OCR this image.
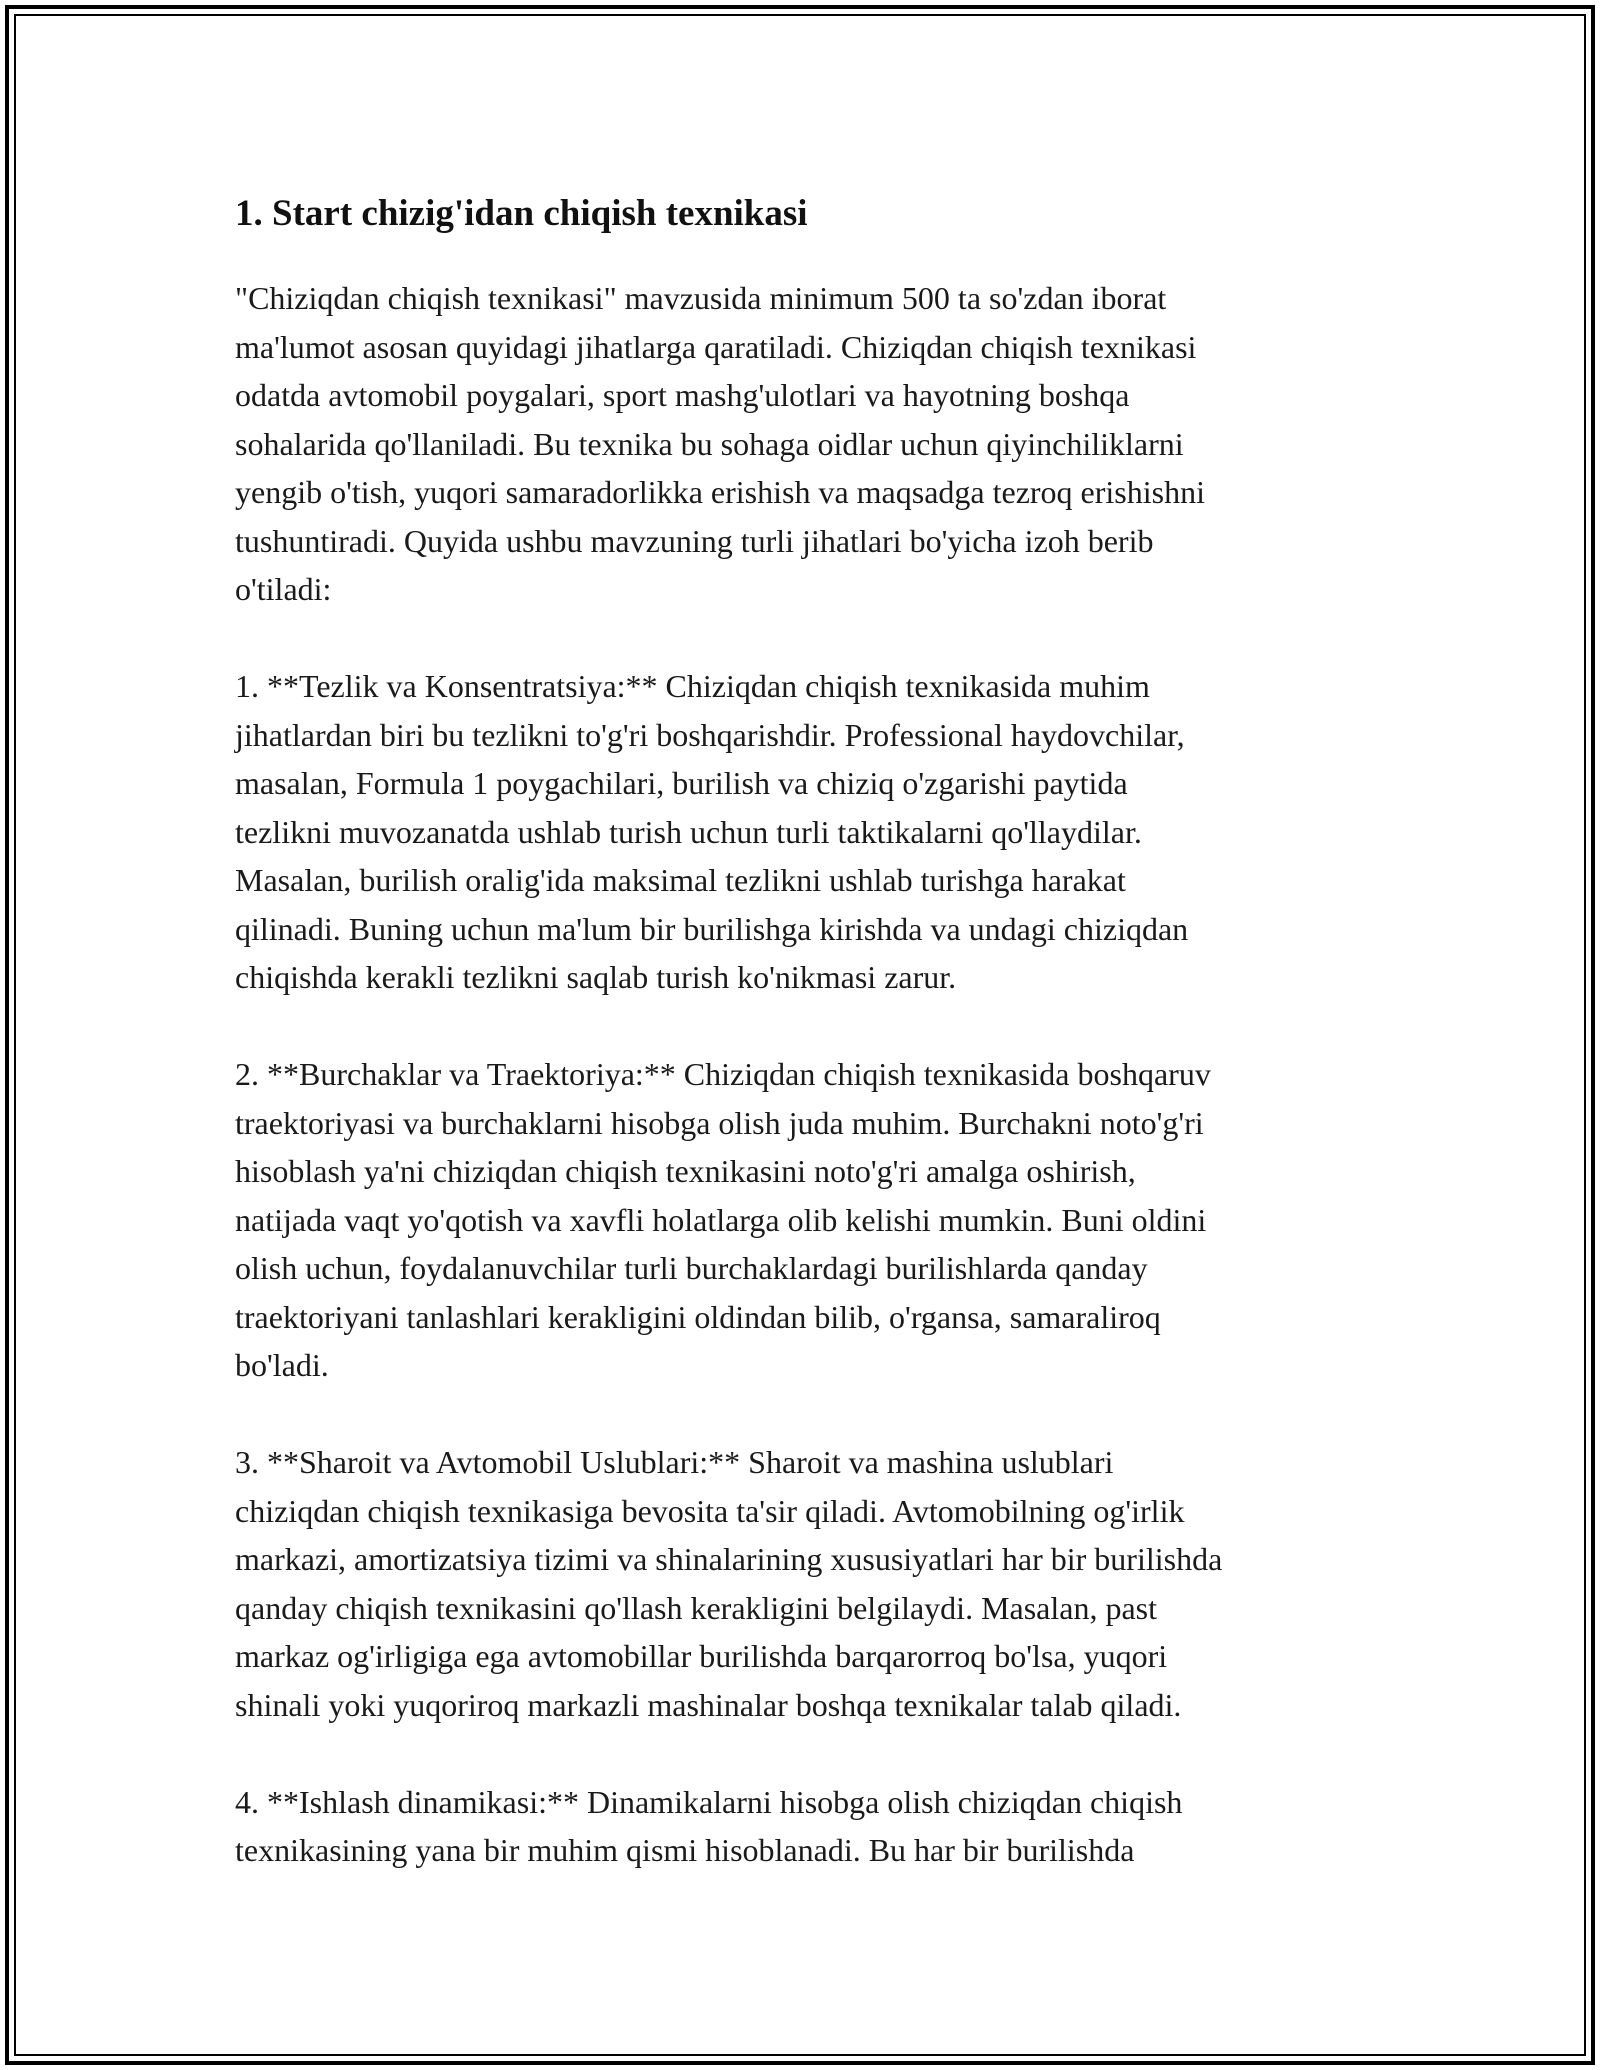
1. Start chizig'idan chiqish texnikasi

"Chiziqdan chiqish texnikasi" mavzusida minimum 500 ta so'zdan iborat
ma'lumot asosan quyidagi jihatlarga qaratiladi. Chiziqdan chiqish texnikasi
odatda avtomobil poygalari, sport mashg'ulotlari va hayotning boshqa
sohalarida qo'llaniladi. Bu texnika bu sohaga oidlar uchun qiyinchiliklarni
yengib o'tish, yuqori samaradorlikka erishish va maqsadga tezroq erishishni
tushuntiradi. Quyida ushbu mavzuning turli jihatlari bo'yicha izoh berib
o'tiladi:

1. **Tezlik va Konsentratsiya:** Chiziqdan chiqish texnikasida muhim
jihatlardan biri bu tezlikni to'g'ri boshqarishdir. Professional haydovchilar,
masalan, Formula 1 poygachilari, burilish va chiziq o'zgarishi paytida
tezlikni muvozanatda ushlab turish uchun turli taktikalarni qo'llaydilar.
Masalan, burilish oralig'ida maksimal tezlikni ushlab turishga harakat
qilinadi. Buning uchun ma'lum bir burilishga kirishda va undagi chiziqdan
chiqishda kerakli tezlikni saqlab turish ko'nikmasi zarur.

2. **Burchaklar va Traektoriya:** Chiziqdan chiqish texnikasida boshqaruv
traektoriyasi va burchaklarni hisobga olish juda muhim. Burchakni noto'g'ri
hisoblash ya'ni chiziqdan chiqish texnikasini noto'g'ri amalga oshirish,
natijada vaqt yo'qotish va xavfli holatlarga olib kelishi mumkin. Buni oldini
olish uchun, foydalanuvchilar turli burchaklardagi burilishlarda qanday
traektoriyani tanlashlari kerakligini oldindan bilib, o'rgansa, samaraliroq
bo'ladi.

3. **Sharoit va Avtomobil Uslublari:** Sharoit va mashina uslublari
chiziqdan chiqish texnikasiga bevosita ta'sir qiladi. Avtomobilning og'irlik
markazi, amortizatsiya tizimi va shinalarining xususiyatlari har bir burilishda
qanday chiqish texnikasini qo'llash kerakligini belgilaydi. Masalan, past
markaz og'irligiga ega avtomobillar burilishda barqarorroq bo'lsa, yuqori
shinali yoki yuqoriroq markazli mashinalar boshqa texnikalar talab qiladi.

4. **Ishlash dinamikasi:** Dinamikalarni hisobga olish chiziqdan chiqish
texnikasining yana bir muhim qismi hisoblanadi. Bu har bir burilishda
